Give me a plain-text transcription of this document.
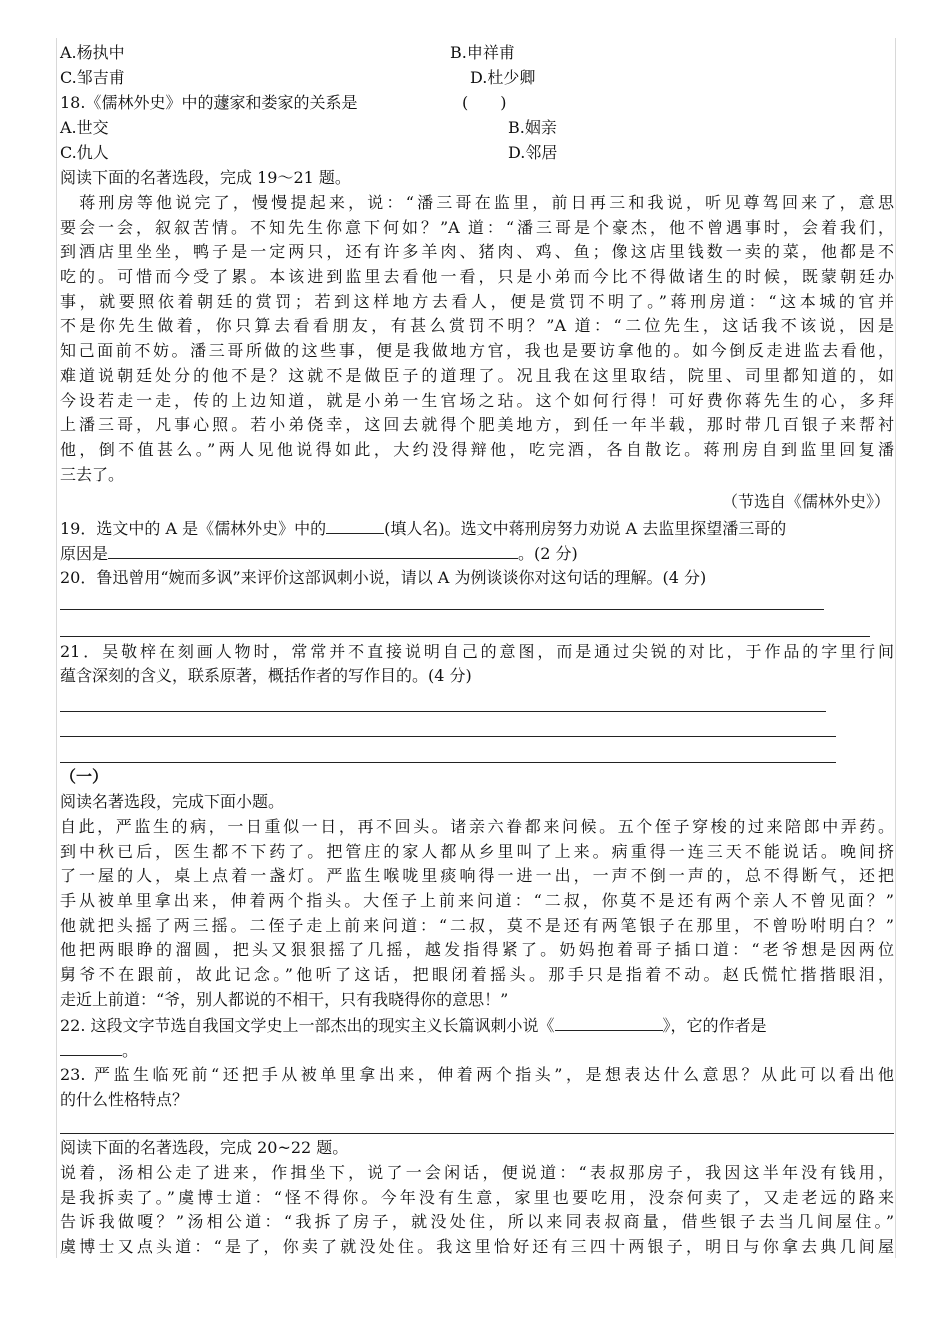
A.杨执中	B.申祥甫
C.邹吉甫	D.杜少卿
18.《儒林外史》中的蘧家和娄家的关系是	(　　)
A.世交	B.姻亲
C.仇人	D.邻居
阅读下面的名著选段，完成 19～21 题。
　蒋刑房等他说完了，慢慢提起来，说：“潘三哥在监里，前日再三和我说，听见尊驾回来了，意思
要会一会，叙叙苦情。不知先生你意下何如？”A 道：“潘三哥是个豪杰，他不曾遇事时，会着我们，
到酒店里坐坐，鸭子是一定两只，还有许多羊肉、猪肉、鸡、鱼；像这店里钱数一卖的菜，他都是不
吃的。可惜而今受了累。本该进到监里去看他一看，只是小弟而今比不得做诸生的时候，既蒙朝廷办
事，就要照依着朝廷的赏罚；若到这样地方去看人，便是赏罚不明了。”蒋刑房道：“这本城的官并
不是你先生做着，你只算去看看朋友，有甚么赏罚不明？”A 道：“二位先生，这话我不该说，因是
知己面前不妨。潘三哥所做的这些事，便是我做地方官，我也是要访拿他的。如今倒反走进监去看他，
难道说朝廷处分的他不是？这就不是做臣子的道理了。况且我在这里取结，院里、司里都知道的，如
今设若走一走，传的上边知道，就是小弟一生官场之玷。这个如何行得！可好费你蒋先生的心，多拜
上潘三哥，凡事心照。若小弟侥幸，这回去就得个肥美地方，到任一年半载，那时带几百银子来帮衬
他，倒不值甚么。”两人见他说得如此，大约没得辩他，吃完酒，各自散讫。蒋刑房自到监里回复潘
三去了。
（节选自《儒林外史》）
19．选文中的 A 是《儒林外史》中的	(填人名)。选文中蒋刑房努力劝说 A 去监里探望潘三哥的
原因是	。(2 分)
20．鲁迅曾用“婉而多讽”来评价这部讽刺小说，请以 A 为例谈谈你对这句话的理解。(4 分)
21．吴敬梓在刻画人物时，常常并不直接说明自己的意图，而是通过尖锐的对比，于作品的字里行间
蕴含深刻的含义，联系原著，概括作者的写作目的。(4 分)
（一）
阅读名著选段，完成下面小题。
自此，严监生的病，一日重似一日，再不回头。诸亲六眷都来问候。五个侄子穿梭的过来陪郎中弄药。
到中秋已后，医生都不下药了。把管庄的家人都从乡里叫了上来。病重得一连三天不能说话。晚间挤
了一屋的人，桌上点着一盏灯。严监生喉咙里痰响得一进一出，一声不倒一声的，总不得断气，还把
手从被单里拿出来，伸着两个指头。大侄子上前来问道：“二叔，你莫不是还有两个亲人不曾见面？”
他就把头摇了两三摇。二侄子走上前来问道：“二叔，莫不是还有两笔银子在那里，不曾吩咐明白？”
他把两眼睁的溜圆，把头又狠狠摇了几摇，越发指得紧了。奶妈抱着哥子插口道：“老爷想是因两位
舅爷不在跟前，故此记念。”他听了这话，把眼闭着摇头。那手只是指着不动。赵氏慌忙揩揩眼泪，
走近上前道：“爷，别人都说的不相干，只有我晓得你的意思！”
22. 这段文字节选自我国文学史上一部杰出的现实主义长篇讽刺小说《	》，它的作者是
。
23. 严监生临死前“还把手从被单里拿出来，伸着两个指头”，是想表达什么意思？从此可以看出他
的什么性格特点？
阅读下面的名著选段，完成 20~22 题。
说着，汤相公走了进来，作揖坐下，说了一会闲话，便说道：“表叔那房子，我因这半年没有钱用，
是我拆卖了。”虞博士道：“怪不得你。今年没有生意，家里也要吃用，没奈何卖了，又走老远的路来
告诉我做嗄？”汤相公道：“我拆了房子，就没处住，所以来同表叔商量，借些银子去当几间屋住。”
虞博士又点头道：“是了，你卖了就没处住。我这里恰好还有三四十两银子，明日与你拿去典几间屋
